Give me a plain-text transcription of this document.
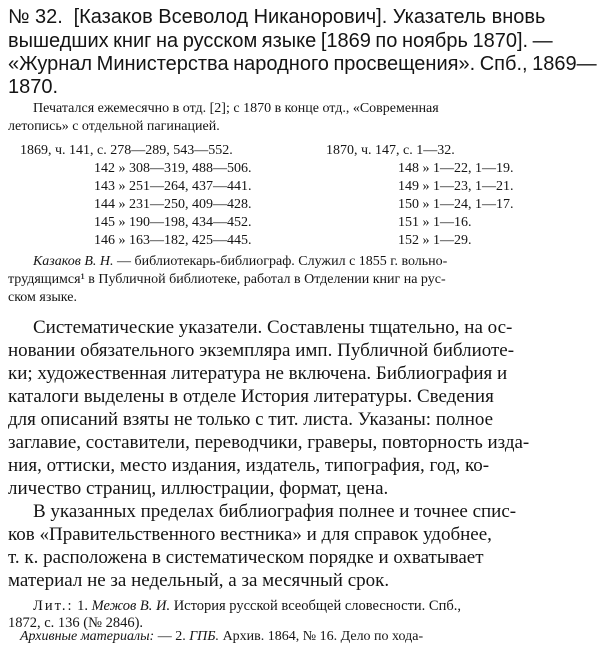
№ 32. [Казаков Всеволод Никанорович]. Указатель вновь
вышедших книг на русском языке [1869 по ноябрь 1870]. —
«Журнал Министерства народного просвещения». Спб., 1869—
1870.
Печатался ежемесячно в отд. [2]; с 1870 в конце отд., «Современная
летопись» с отдельной пагинацией.
1869, ч. 141, с. 278—289, 543—552.
142 » 308—319, 488—506.
143 » 251—264, 437—441.
144 » 231—250, 409—428.
145 » 190—198, 434—452.
146 » 163—182, 425—445.
1870, ч. 147, с. 1—32.
148 » 1—22, 1—19.
149 » 1—23, 1—21.
150 » 1—24, 1—17.
151 » 1—16.
152 » 1—29.
Казаков В. Н. — библиотекарь-библиограф. Служил с 1855 г. вольно-
трудящимся¹ в Публичной библиотеке, работал в Отделении книг на рус-
ском языке.
Систематические указатели. Составлены тщательно, на ос-
новании обязательного экземпляра имп. Публичной библиоте-
ки; художественная литература не включена. Библиография и
каталоги выделены в отделе История литературы. Сведения
для описаний взяты не только с тит. листа. Указаны: полное
заглавие, составители, переводчики, граверы, повторность изда-
ния, оттиски, место издания, издатель, типография, год, ко-
личество страниц, иллюстрации, формат, цена.
В указанных пределах библиография полнее и точнее спис-
ков «Правительственного вестника» и для справок удобнее,
т. к. расположена в систематическом порядке и охватывает
материал не за недельный, а за месячный срок.
Лит.: 1. Межов В. И. История русской всеобщей словесности. Спб.,
1872, с. 136 (№ 2846).
Архивные материалы: — 2. ГПБ. Архив. 1864, № 16. Дело по хода-
